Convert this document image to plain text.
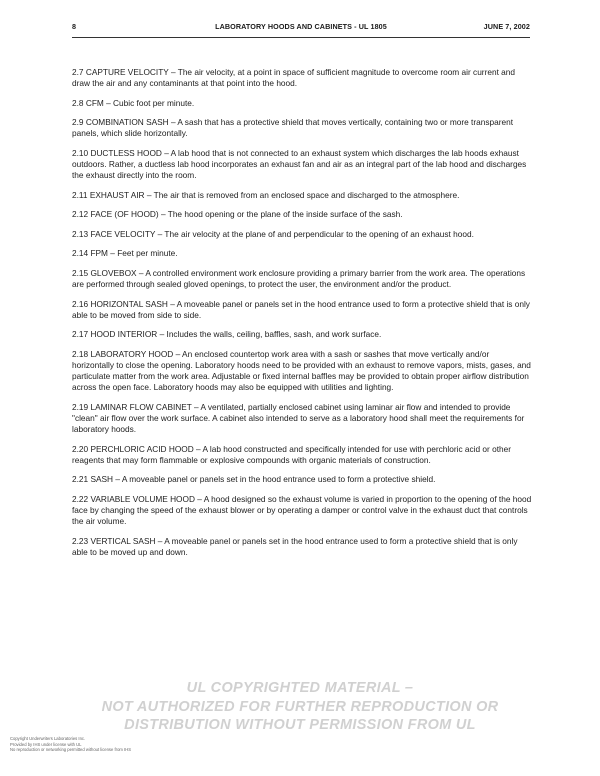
8	LABORATORY HOODS AND CABINETS - UL 1805	JUNE 7, 2002

2.7 CAPTURE VELOCITY – The air velocity, at a point in space of sufficient magnitude to overcome room air current and draw the air and any contaminants at that point into the hood.

2.8 CFM – Cubic foot per minute.

2.9 COMBINATION SASH – A sash that has a protective shield that moves vertically, containing two or more transparent panels, which slide horizontally.

2.10 DUCTLESS HOOD – A lab hood that is not connected to an exhaust system which discharges the lab hoods exhaust outdoors. Rather, a ductless lab hood incorporates an exhaust fan and air as an integral part of the lab hood and discharges the exhaust directly into the room.

2.11 EXHAUST AIR – The air that is removed from an enclosed space and discharged to the atmosphere.

2.12 FACE (OF HOOD) – The hood opening or the plane of the inside surface of the sash.

2.13 FACE VELOCITY – The air velocity at the plane of and perpendicular to the opening of an exhaust hood.

2.14 FPM – Feet per minute.

2.15 GLOVEBOX – A controlled environment work enclosure providing a primary barrier from the work area. The operations are performed through sealed gloved openings, to protect the user, the environment and/or the product.

2.16 HORIZONTAL SASH – A moveable panel or panels set in the hood entrance used to form a protective shield that is only able to be moved from side to side.

2.17 HOOD INTERIOR – Includes the walls, ceiling, baffles, sash, and work surface.

2.18 LABORATORY HOOD – An enclosed countertop work area with a sash or sashes that move vertically and/or horizontally to close the opening. Laboratory hoods need to be provided with an exhaust to remove vapors, mists, gases, and particulate matter from the work area. Adjustable or fixed internal baffles may be provided to obtain proper airflow distribution across the open face. Laboratory hoods may also be equipped with utilities and lighting.

2.19 LAMINAR FLOW CABINET – A ventilated, partially enclosed cabinet using laminar air flow and intended to provide "clean" air flow over the work surface. A cabinet also intended to serve as a laboratory hood shall meet the requirements for laboratory hoods.

2.20 PERCHLORIC ACID HOOD – A lab hood constructed and specifically intended for use with perchloric acid or other reagents that may form flammable or explosive compounds with organic materials of construction.

2.21 SASH – A moveable panel or panels set in the hood entrance used to form a protective shield.

2.22 VARIABLE VOLUME HOOD – A hood designed so the exhaust volume is varied in proportion to the opening of the hood face by changing the speed of the exhaust blower or by operating a damper or control valve in the exhaust duct that controls the air volume.

2.23 VERTICAL SASH – A moveable panel or panels set in the hood entrance used to form a protective shield that is only able to be moved up and down.

UL COPYRIGHTED MATERIAL –
NOT AUTHORIZED FOR FURTHER REPRODUCTION OR
DISTRIBUTION WITHOUT PERMISSION FROM UL
Copyright Underwriters Laboratories Inc.
Provided by IHS under license with UL
No reproduction or networking permitted without license from IHS
